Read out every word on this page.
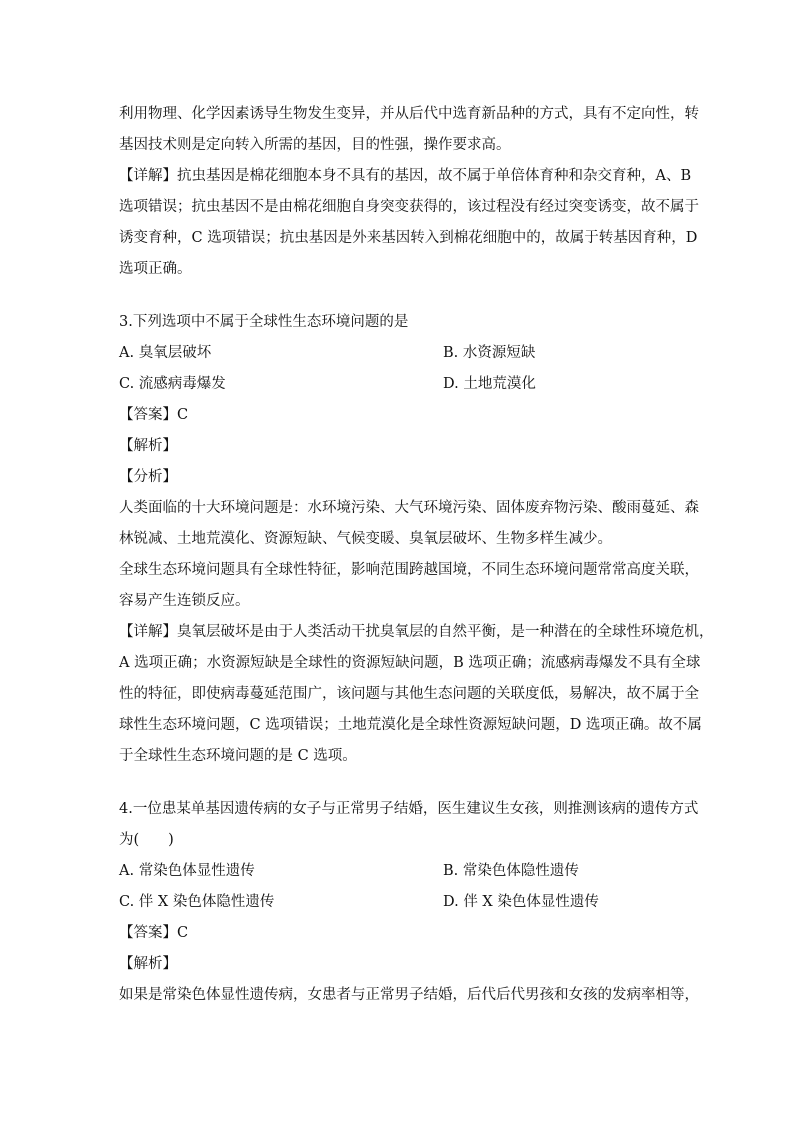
利用物理、化学因素诱导生物发生变异，并从后代中选育新品种的方式，具有不定向性，转
基因技术则是定向转入所需的基因，目的性强，操作要求高。
【详解】抗虫基因是棉花细胞本身不具有的基因，故不属于单倍体育种和杂交育种，A、B
选项错误；抗虫基因不是由棉花细胞自身突变获得的，该过程没有经过突变诱变，故不属于
诱变育种，C 选项错误；抗虫基因是外来基因转入到棉花细胞中的，故属于转基因育种，D
选项正确。
3.下列选项中不属于全球性生态环境问题的是
A. 臭氧层破坏	B. 水资源短缺
C. 流感病毒爆发	D. 土地荒漠化
【答案】C
【解析】
【分析】
人类面临的十大环境问题是：水环境污染、大气环境污染、固体废弃物污染、酸雨蔓延、森
林锐减、土地荒漠化、资源短缺、气候变暖、臭氧层破坏、生物多样生减少。
全球生态环境问题具有全球性特征，影响范围跨越国境，不同生态环境问题常常高度关联，
容易产生连锁反应。
【详解】臭氧层破坏是由于人类活动干扰臭氧层的自然平衡，是一种潜在的全球性环境危机，
A 选项正确；水资源短缺是全球性的资源短缺问题，B 选项正确；流感病毒爆发不具有全球
性的特征，即使病毒蔓延范围广，该问题与其他生态问题的关联度低，易解决，故不属于全
球性生态环境问题，C 选项错误；土地荒漠化是全球性资源短缺问题，D 选项正确。故不属
于全球性生态环境问题的是 C 选项。
4.一位患某单基因遗传病的女子与正常男子结婚，医生建议生女孩，则推测该病的遗传方式
为(　　)
A. 常染色体显性遗传	B. 常染色体隐性遗传
C. 伴 X 染色体隐性遗传	D. 伴 X 染色体显性遗传
【答案】C
【解析】
如果是常染色体显性遗传病，女患者与正常男子结婚，后代后代男孩和女孩的发病率相等，
